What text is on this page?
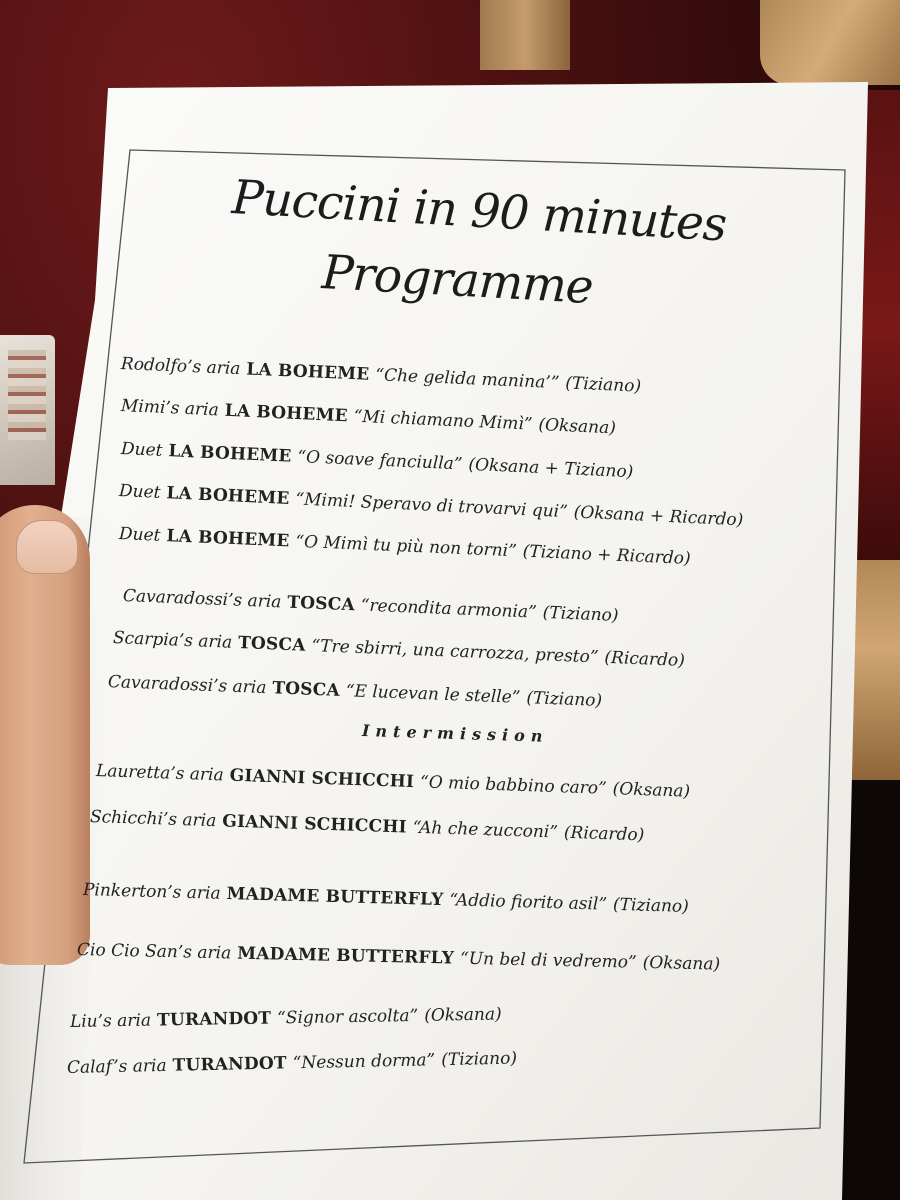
Puccini in 90 minutes
Programme
Rodolfo’s aria LA BOHEME “Che gelida manina’” (Tiziano)
Mimi’s aria LA BOHEME “Mi chiamano Mimì” (Oksana)
Duet LA BOHEME “O soave fanciulla” (Oksana + Tiziano)
Duet LA BOHEME “Mimi! Speravo di trovarvi qui” (Oksana + Ricardo)
Duet LA BOHEME “O Mimì tu più non torni” (Tiziano + Ricardo)
Cavaradossi’s aria TOSCA “recondita armonia” (Tiziano)
Scarpia’s aria TOSCA “Tre sbirri, una carrozza, presto” (Ricardo)
Cavaradossi’s aria TOSCA “E lucevan le stelle” (Tiziano)
Intermission
Lauretta’s aria GIANNI SCHICCHI “O mio babbino caro” (Oksana)
Schicchi’s aria GIANNI SCHICCHI “Ah che zucconi” (Ricardo)
Pinkerton’s aria MADAME BUTTERFLY “Addio fiorito asil” (Tiziano)
Cio Cio San’s aria MADAME BUTTERFLY “Un bel di vedremo” (Oksana)
Liu’s aria TURANDOT “Signor ascolta” (Oksana)
Calaf’s aria TURANDOT “Nessun dorma” (Tiziano)
